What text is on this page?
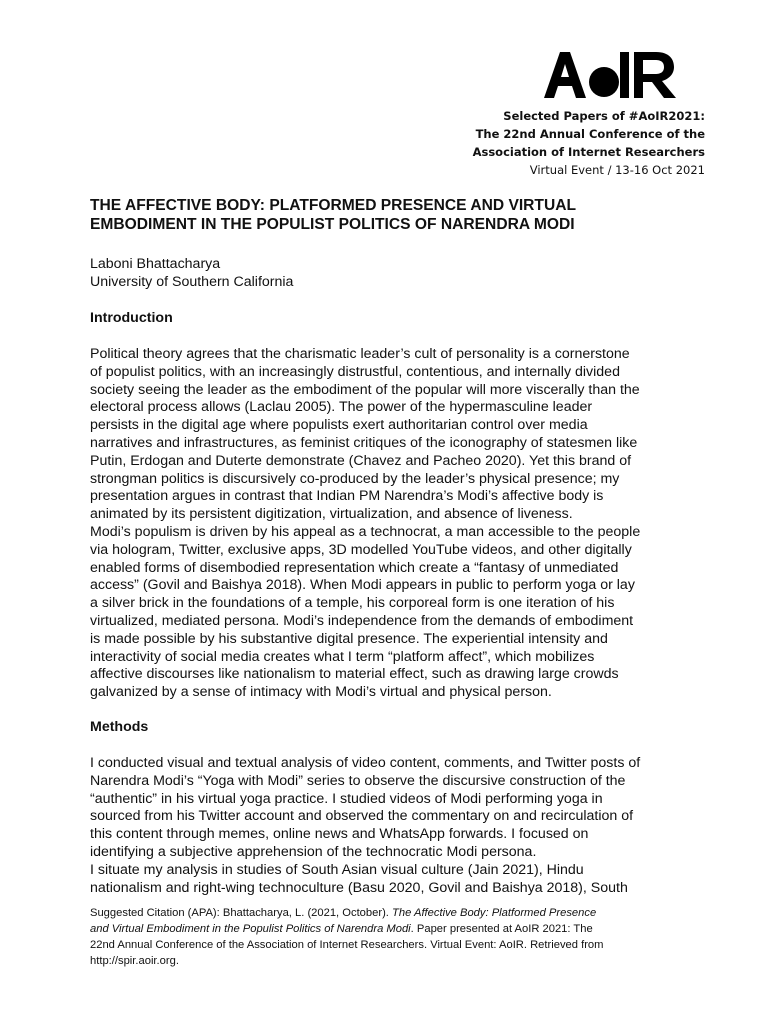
Selected Papers of #AoIR2021:
The 22nd Annual Conference of the
Association of Internet Researchers
Virtual Event / 13-16 Oct 2021
THE AFFECTIVE BODY: PLATFORMED PRESENCE AND VIRTUAL
EMBODIMENT IN THE POPULIST POLITICS OF NARENDRA MODI
Laboni Bhattacharya
University of Southern California
Introduction
Political theory agrees that the charismatic leader’s cult of personality is a cornerstone
of populist politics, with an increasingly distrustful, contentious, and internally divided
society seeing the leader as the embodiment of the popular will more viscerally than the
electoral process allows (Laclau 2005). The power of the hypermasculine leader
persists in the digital age where populists exert authoritarian control over media
narratives and infrastructures, as feminist critiques of the iconography of statesmen like
Putin, Erdogan and Duterte demonstrate (Chavez and Pacheo 2020). Yet this brand of
strongman politics is discursively co-produced by the leader’s physical presence; my
presentation argues in contrast that Indian PM Narendra’s Modi’s affective body is
animated by its persistent digitization, virtualization, and absence of liveness.
Modi’s populism is driven by his appeal as a technocrat, a man accessible to the people
via hologram, Twitter, exclusive apps, 3D modelled YouTube videos, and other digitally
enabled forms of disembodied representation which create a “fantasy of unmediated
access” (Govil and Baishya 2018). When Modi appears in public to perform yoga or lay
a silver brick in the foundations of a temple, his corporeal form is one iteration of his
virtualized, mediated persona. Modi’s independence from the demands of embodiment
is made possible by his substantive digital presence. The experiential intensity and
interactivity of social media creates what I term “platform affect”, which mobilizes
affective discourses like nationalism to material effect, such as drawing large crowds
galvanized by a sense of intimacy with Modi’s virtual and physical person.
Methods
I conducted visual and textual analysis of video content, comments, and Twitter posts of
Narendra Modi’s “Yoga with Modi” series to observe the discursive construction of the
“authentic” in his virtual yoga practice. I studied videos of Modi performing yoga in
sourced from his Twitter account and observed the commentary on and recirculation of
this content through memes, online news and WhatsApp forwards. I focused on
identifying a subjective apprehension of the technocratic Modi persona.
I situate my analysis in studies of South Asian visual culture (Jain 2021), Hindu
nationalism and right-wing technoculture (Basu 2020, Govil and Baishya 2018), South
Suggested Citation (APA): Bhattacharya, L. (2021, October). The Affective Body: Platformed Presence
and Virtual Embodiment in the Populist Politics of Narendra Modi. Paper presented at AoIR 2021: The
22nd Annual Conference of the Association of Internet Researchers. Virtual Event: AoIR. Retrieved from
http://spir.aoir.org.
